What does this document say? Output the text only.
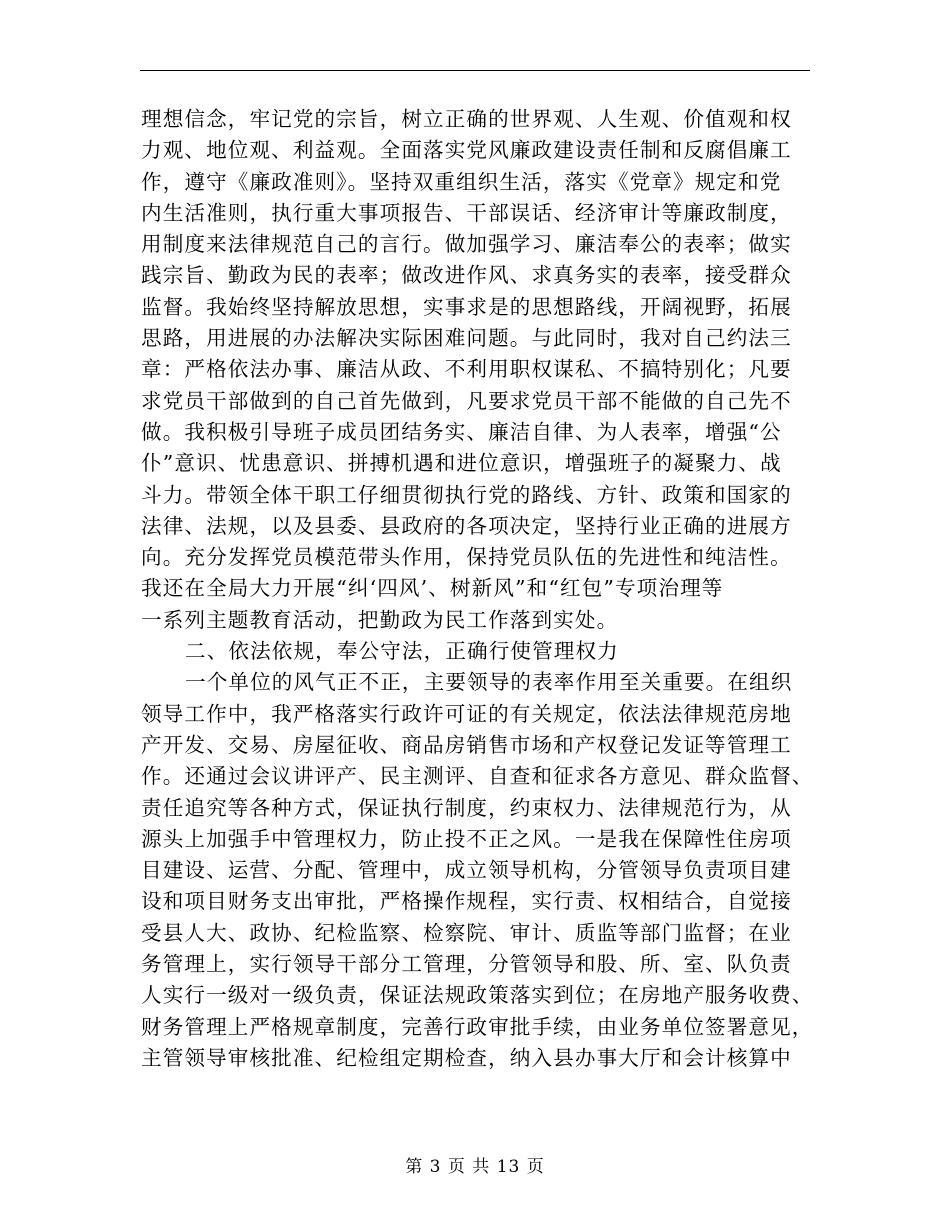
理想信念，牢记党的宗旨，树立正确的世界观、人生观、价值观和权
力观、地位观、利益观。全面落实党风廉政建设责任制和反腐倡廉工
作，遵守《廉政准则》。坚持双重组织生活，落实《党章》规定和党
内生活准则，执行重大事项报告、干部误话、经济审计等廉政制度，
用制度来法律规范自己的言行。做加强学习、廉洁奉公的表率；做实
践宗旨、勤政为民的表率；做改进作风、求真务实的表率，接受群众
监督。我始终坚持解放思想，实事求是的思想路线，开阔视野，拓展
思路，用进展的办法解决实际困难问题。与此同时，我对自己约法三
章：严格依法办事、廉洁从政、不利用职权谋私、不搞特别化；凡要
求党员干部做到的自己首先做到，凡要求党员干部不能做的自己先不
做。我积极引导班子成员团结务实、廉洁自律、为人表率，增强“公
仆”意识、忧患意识、拼搏机遇和进位意识，增强班子的凝聚力、战
斗力。带领全体干职工仔细贯彻执行党的路线、方针、政策和国家的
法律、法规，以及县委、县政府的各项决定，坚持行业正确的进展方
向。充分发挥党员模范带头作用，保持党员队伍的先进性和纯洁性。
我还在全局大力开展“纠‘四风’、树新风”和“红包”专项治理等
一系列主题教育活动，把勤政为民工作落到实处。
二、依法依规，奉公守法，正确行使管理权力
一个单位的风气正不正，主要领导的表率作用至关重要。在组织
领导工作中，我严格落实行政许可证的有关规定，依法法律规范房地
产开发、交易、房屋征收、商品房销售市场和产权登记发证等管理工
作。还通过会议讲评产、民主测评、自查和征求各方意见、群众监督、
责任追究等各种方式，保证执行制度，约束权力、法律规范行为，从
源头上加强手中管理权力，防止投不正之风。一是我在保障性住房项
目建设、运营、分配、管理中，成立领导机构，分管领导负责项目建
设和项目财务支出审批，严格操作规程，实行责、权相结合，自觉接
受县人大、政协、纪检监察、检察院、审计、质监等部门监督；在业
务管理上，实行领导干部分工管理，分管领导和股、所、室、队负责
人实行一级对一级负责，保证法规政策落实到位；在房地产服务收费、
财务管理上严格规章制度，完善行政审批手续，由业务单位签署意见，
主管领导审核批准、纪检组定期检查，纳入县办事大厅和会计核算中
第 3 页 共 13 页
